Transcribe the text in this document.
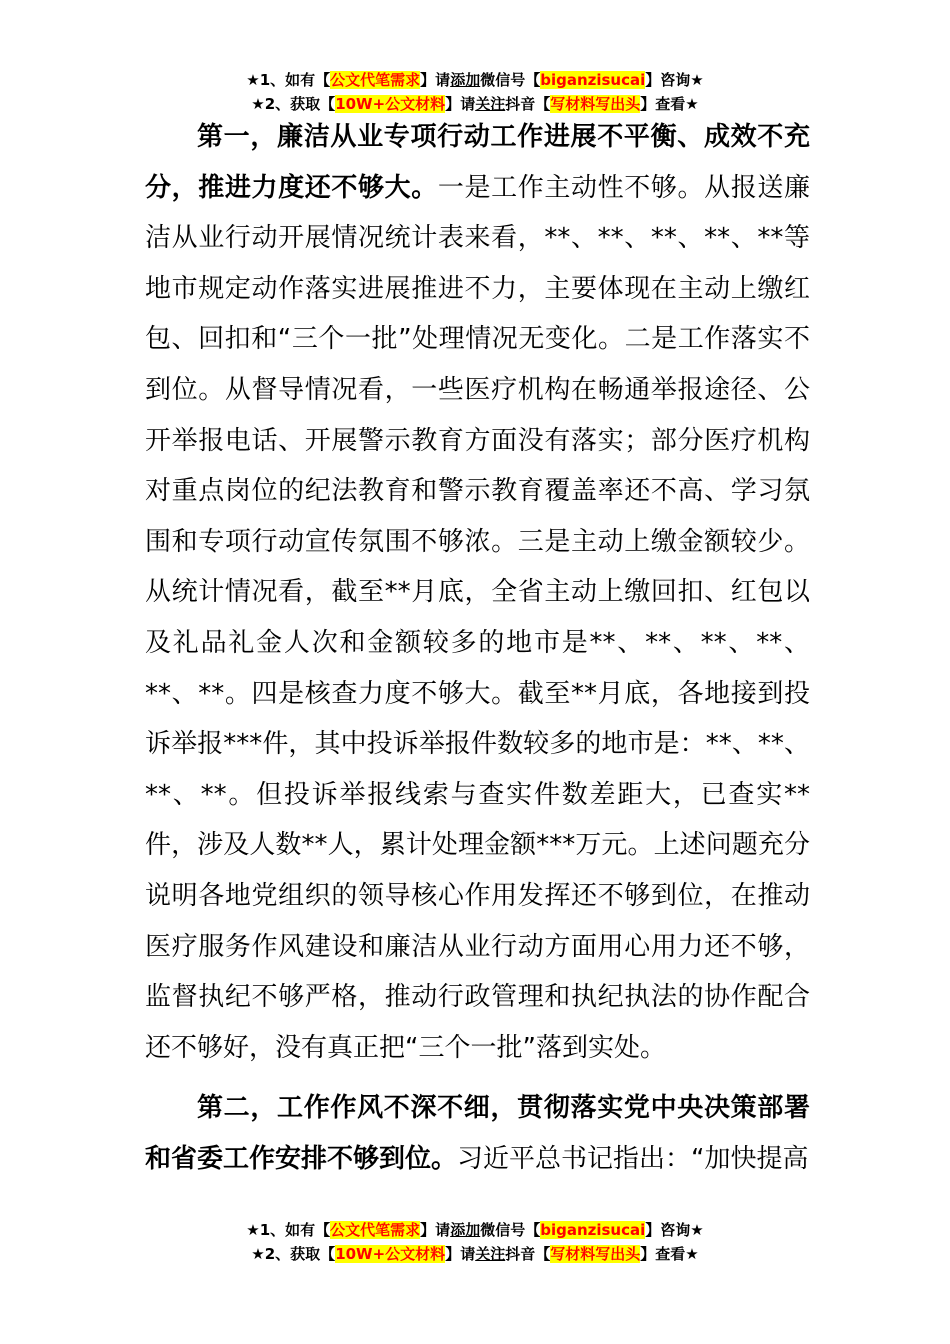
★1、如有【公文代笔需求】请添加微信号【biganzisucai】咨询★
★2、获取【10W+公文材料】请关注抖音【写材料写出头】查看★

第一，廉洁从业专项行动工作进展不平衡、成效不充分，推进力度还不够大。一是工作主动性不够。从报送廉洁从业行动开展情况统计表来看，**、**、**、**、**等地市规定动作落实进展推进不力，主要体现在主动上缴红包、回扣和“三个一批”处理情况无变化。二是工作落实不到位。从督导情况看，一些医疗机构在畅通举报途径、公开举报电话、开展警示教育方面没有落实；部分医疗机构对重点岗位的纪法教育和警示教育覆盖率还不高、学习氛围和专项行动宣传氛围不够浓。三是主动上缴金额较少。从统计情况看，截至**月底，全省主动上缴回扣、红包以及礼品礼金人次和金额较多的地市是**、**、**、**、**、**。四是核查力度不够大。截至**月底，各地接到投诉举报***件，其中投诉举报件数较多的地市是：**、**、**、**。但投诉举报线索与查实件数差距大，已查实**件，涉及人数**人，累计处理金额***万元。上述问题充分说明各地党组织的领导核心作用发挥还不够到位，在推动医疗服务作风建设和廉洁从业行动方面用心用力还不够，监督执纪不够严格，推动行政管理和执纪执法的协作配合还不够好，没有真正把“三个一批”落到实处。

第二，工作作风不深不细，贯彻落实党中央决策部署和省委工作安排不够到位。习近平总书记指出：“加快提高

★1、如有【公文代笔需求】请添加微信号【biganzisucai】咨询★
★2、获取【10W+公文材料】请关注抖音【写材料写出头】查看★
